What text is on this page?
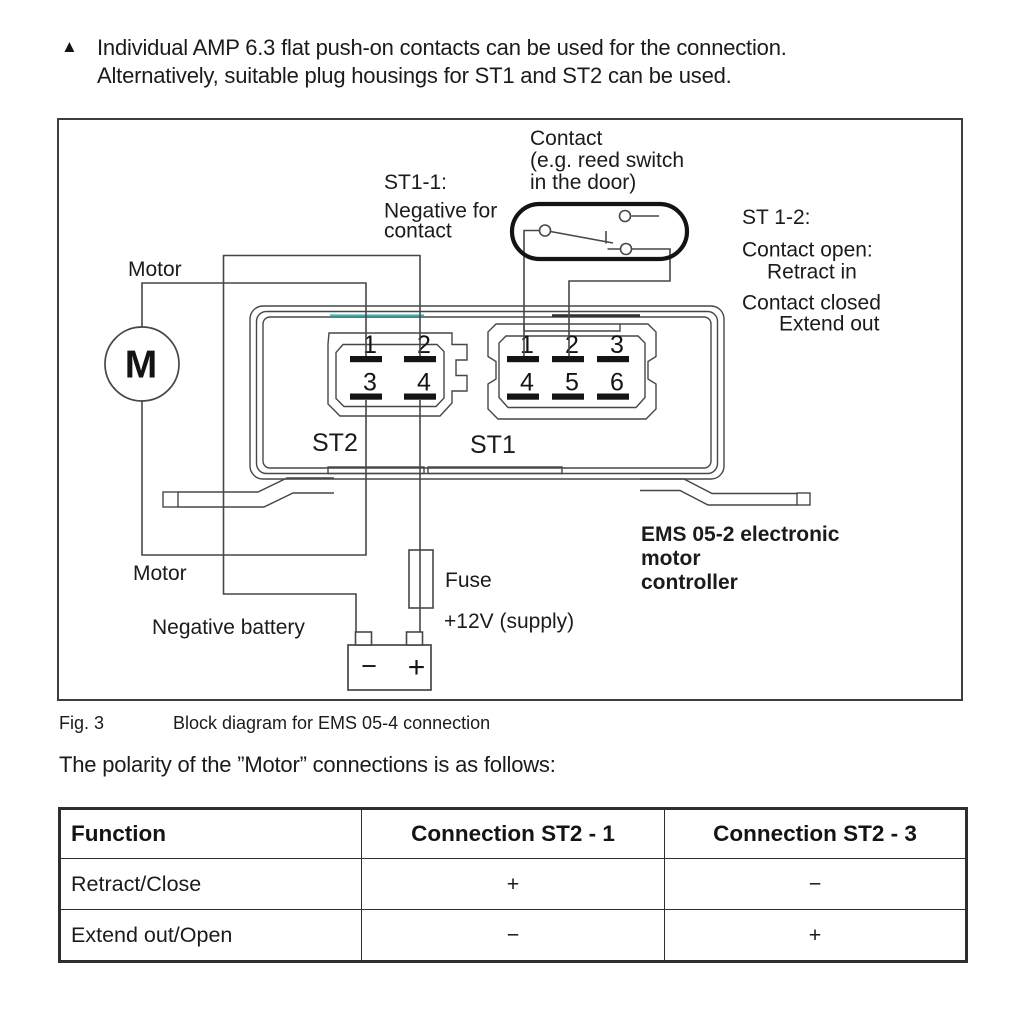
▲ Individual AMP 6.3 flat push-on contacts can be used for the connection.
Alternatively, suitable plug housings for ST1 and ST2 can be used.
1 2
3 4
ST2
1 2 3
4 5 6
ST1
M
− +
Contact
(e.g. reed switch
in the door)
ST1-1:
Negative for
contact
ST 1-2:
Contact open:
Retract in
Contact closed
Extend out
Motor
Motor
Negative battery
Fuse
+12V (supply)
EMS 05-2 electronic
motor
controller
Fig. 3	Block diagram for EMS 05-4 connection
The polarity of the ”Motor” connections is as follows:
Function	Connection ST2 - 1	Connection ST2 - 3
Retract/Close	+	−
Extend out/Open	−	+
